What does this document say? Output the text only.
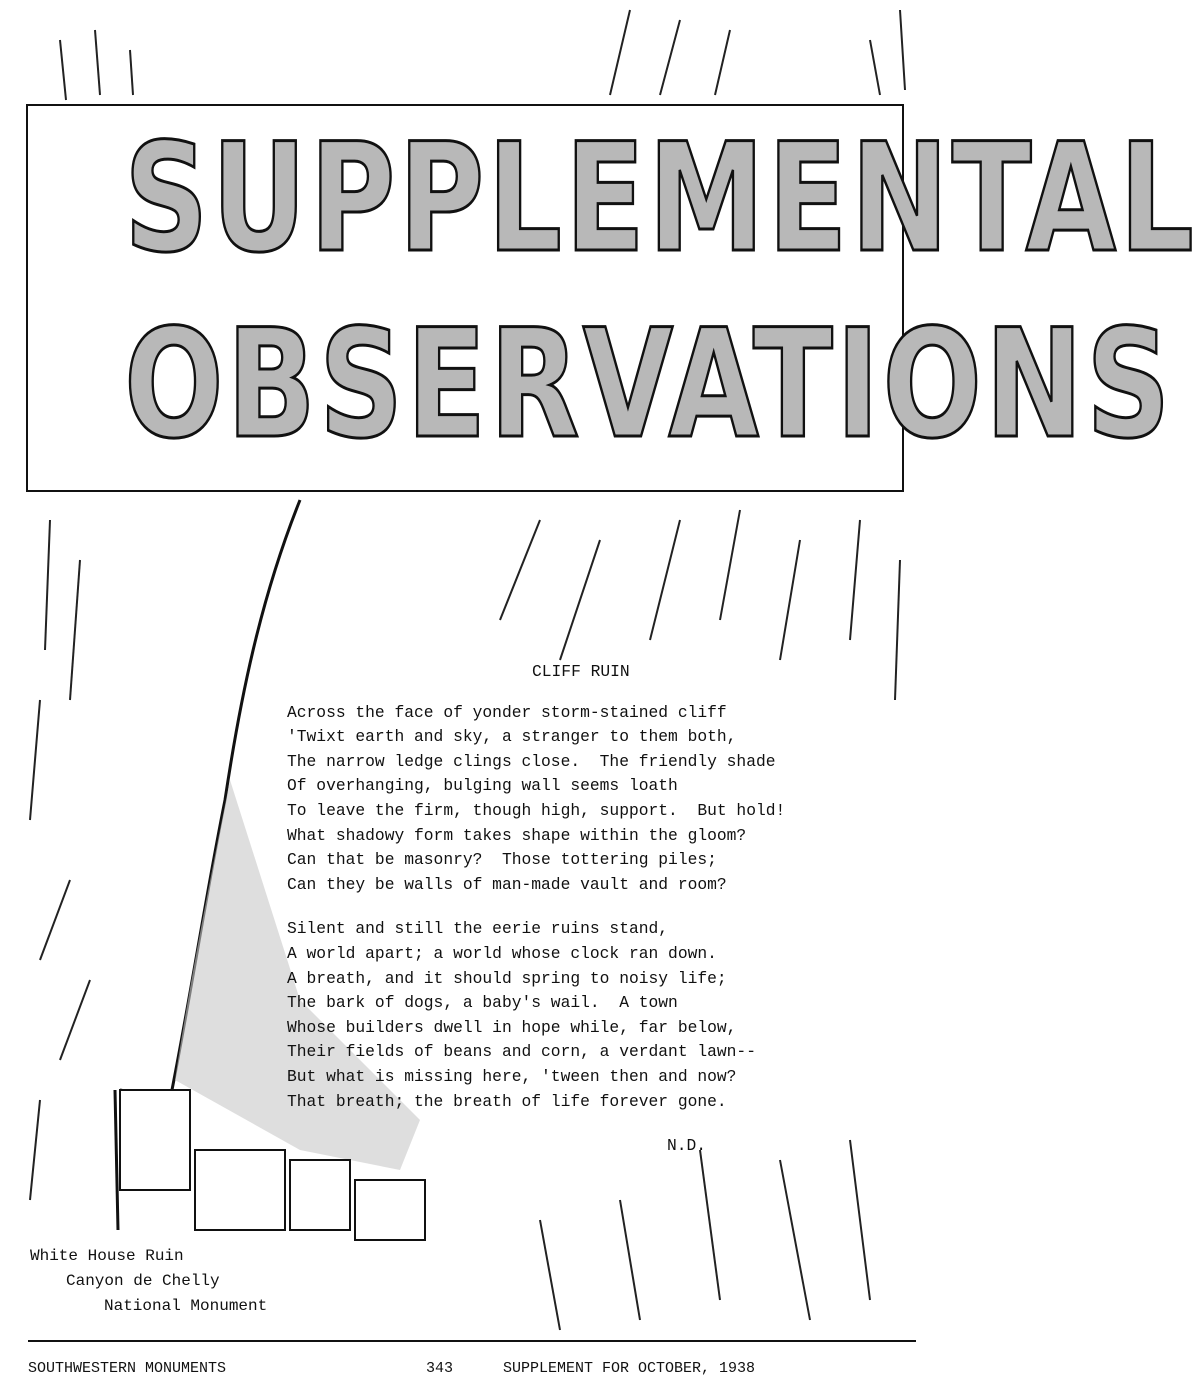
SUPPLEMENTAL
OBSERVATIONS
CLIFF RUIN
Across the face of yonder storm-stained cliff
'Twixt earth and sky, a stranger to them both,
The narrow ledge clings close.  The friendly shade
Of overhanging, bulging wall seems loath
To leave the firm, though high, support.  But hold!
What shadowy form takes shape within the gloom?
Can that be masonry?  Those tottering piles;
Can they be walls of man-made vault and room?
Silent and still the eerie ruins stand,
A world apart; a world whose clock ran down.
A breath, and it should spring to noisy life;
The bark of dogs, a baby's wail.  A town
Whose builders dwell in hope while, far below,
Their fields of beans and corn, a verdant lawn--
But what is missing here, 'tween then and now?
That breath; the breath of life forever gone.
N.D.
White House Ruin
Canyon de Chelly
National Monument
SOUTHWESTERN MONUMENTS	343	SUPPLEMENT FOR OCTOBER, 1938
